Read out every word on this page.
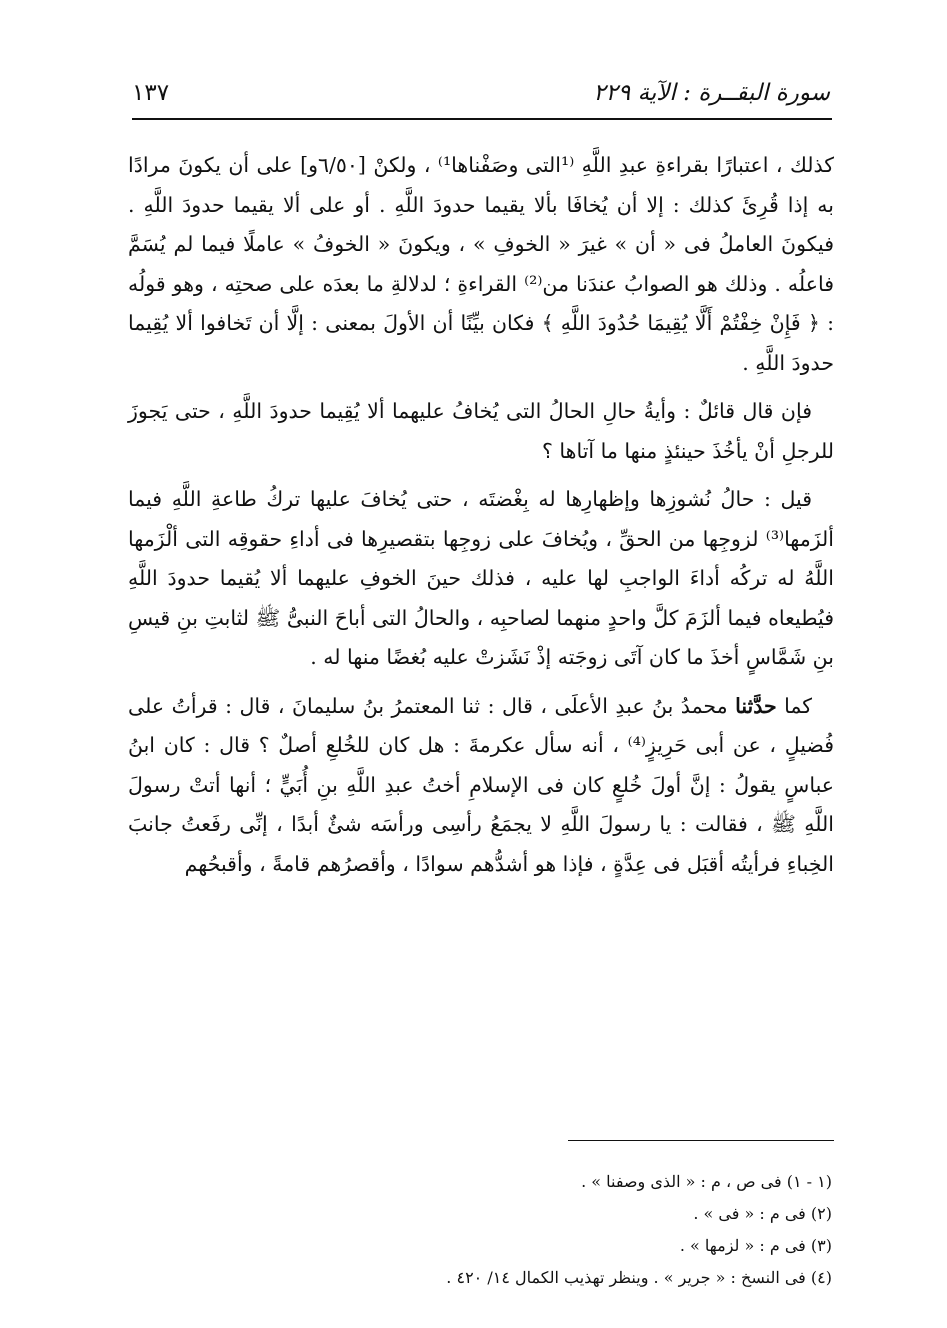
سورة البقــرة : الآية ٢٢٩
١٣٧

كذلك ، اعتبارًا بقراءةِ عبدِ اللَّهِ ⁽¹التى وصَفْناها¹⁾ ، ولكنْ [٦/٥٠و] على أن يكونَ مرادًا به إذا قُرِئَ كذلك : إلا أن يُخافَا بألا يقيما حدودَ اللَّهِ . أو على ألا يقيما حدودَ اللَّهِ . فيكونَ العاملُ فى « أن » غيرَ « الخوفِ » ، ويكونَ « الخوفُ » عاملًا فيما لم يُسَمَّ فاعلُه . وذلك هو الصوابُ عندَنا من⁽²⁾ القراءةِ ؛ لدلالةِ ما بعدَه على صحتِه ، وهو قولُه : ﴿ فَإِنْ خِفْتُمْ أَلَّا يُقِيمَا حُدُودَ اللَّهِ ﴾ فكان بيِّنًا أن الأولَ بمعنى : إلَّا أن تَخافوا ألا يُقِيما حدودَ اللَّهِ .

فإن قال قائلٌ : وأيةُ حالِ الحالُ التى يُخافُ عليهما ألا يُقِيما حدودَ اللَّهِ ، حتى يَجوزَ للرجلِ أنْ يأخُذَ حينئذٍ منها ما آتاها ؟

قيل : حالُ نُشوزِها وإظهارِها له بِغْضتَه ، حتى يُخافَ عليها تركُ طاعةِ اللَّهِ فيما ألزَمها⁽³⁾ لزوجِها من الحقِّ ، ويُخافَ على زوجِها بتقصيرِها فى أداءِ حقوقِه التى ألْزَمها اللَّهُ له تركُه أداءَ الواجبِ لها عليه ، فذلك حينَ الخوفِ عليهما ألا يُقيما حدودَ اللَّهِ فيُطيعاه فيما ألزَمَ كلَّ واحدٍ منهما لصاحبِه ، والحالُ التى أباحَ النبىُّ ﷺ لثابتِ بنِ قيسِ بنِ شَمَّاسٍ أخذَ ما كان آتَى زوجَته إذْ نَشَزتْ عليه بُغضًا منها له .

كما حدَّثنا محمدُ بنُ عبدِ الأعلَى ، قال : ثنا المعتمرُ بنُ سليمانَ ، قال : قرأتُ على فُضيلٍ ، عن أبى حَرِيزٍ⁽⁴⁾ ، أنه سأل عكرمةَ : هل كان للخُلعِ أصلٌ ؟ قال : كان ابنُ عباسٍ يقولُ : إنَّ أولَ خُلعٍ كان فى الإسلامِ أختُ عبدِ اللَّهِ بنِ أُبَيٍّ ؛ أنها أتتْ رسولَ اللَّهِ ﷺ ، فقالت : يا رسولَ اللَّهِ لا يجمَعُ رأسِى ورأسَه شئٌ أبدًا ، إنِّى رفَعتُ جانبَ الخِباءِ فرأيتُه أقبَل فى عِدَّةٍ ، فإذا هو أشدُّهم سوادًا ، وأقصرُهم قامةً ، وأقبحُهم

(١ - ١) فى ص ، م : « الذى وصفنا » .
(٢) فى م : « فى » .
(٣) فى م : « لزمها » .
(٤) فى النسخ : « جرير » . وينظر تهذيب الكمال ١٤/ ٤٢٠ .
